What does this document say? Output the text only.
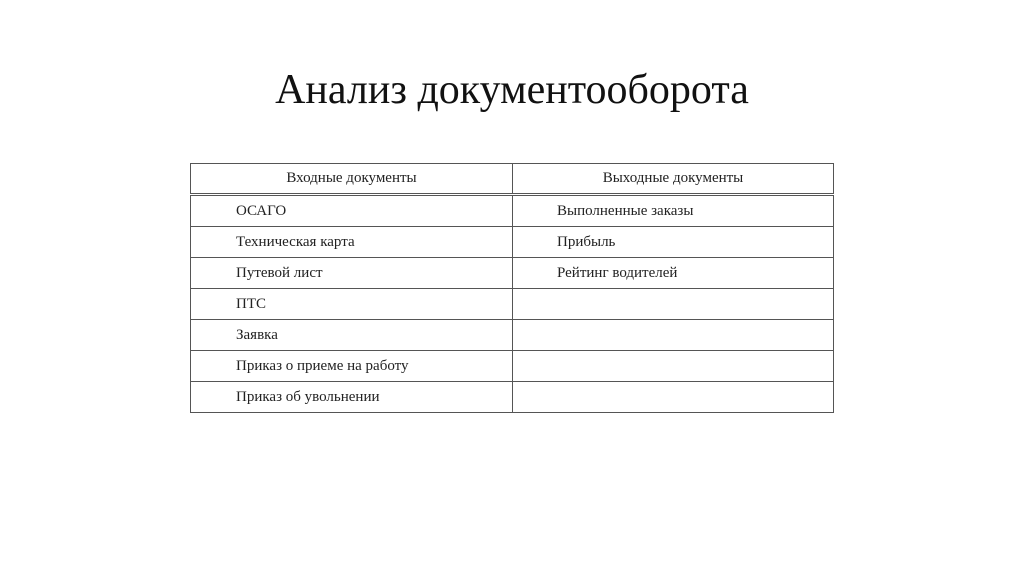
Анализ документооборота
Входные документы	Выходные документы
ОСАГО	Выполненные заказы
Техническая карта	Прибыль
Путевой лист	Рейтинг водителей
ПТС	
Заявка	
Приказ о приеме на работу	
Приказ об увольнении	
